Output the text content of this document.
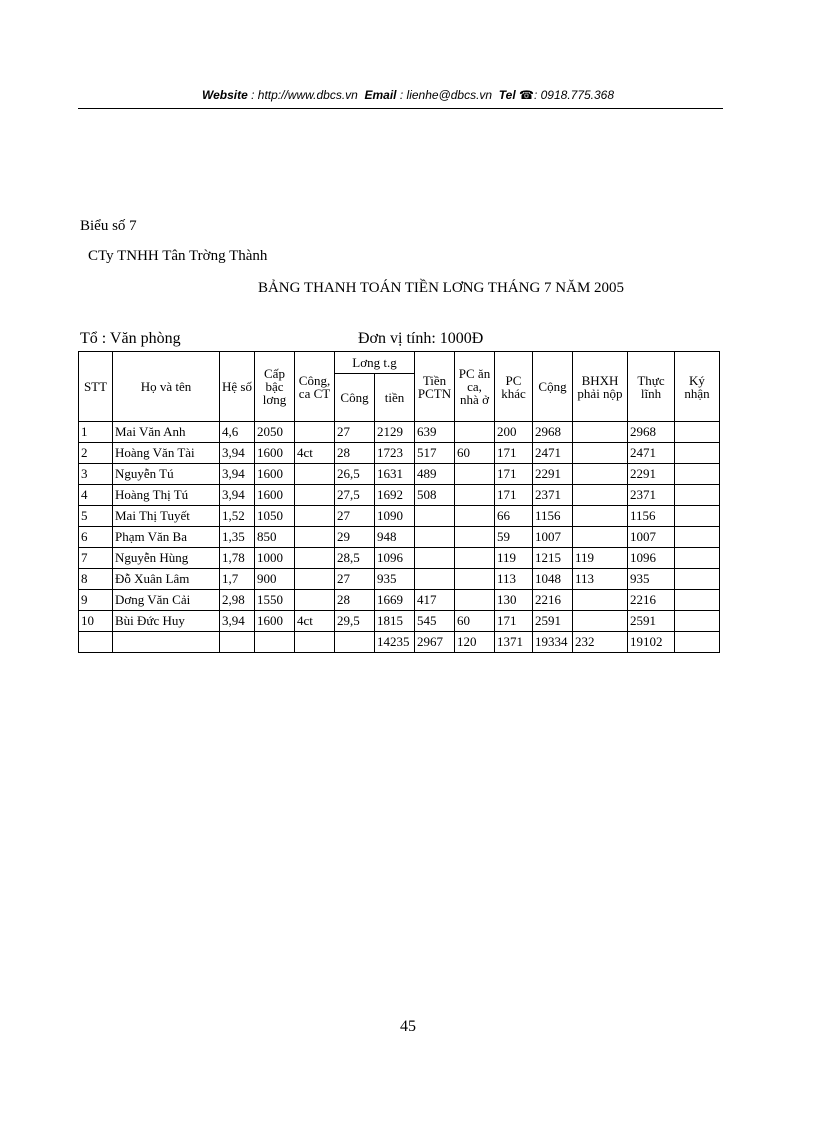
Website : http://www.dbcs.vn Email : lienhe@dbcs.vn Tel ☎: 0918.775.368
Biểu số 7
CTy TNHH Tân Trờng Thành
BẢNG THANH TOÁN TIỀN LƠNG THÁNG 7 NĂM 2005
Tổ : Văn phòng	Đơn vị tính: 1000Đ
STT	Họ và tên	Hệ số	Cấp
bậc
lơng	Công,
ca CT	Lơng t.g		Tiền
PCTN	PC ăn
ca,
nhà ở	PC
khác	Cộng	BHXH
phải nộp	Thực
lĩnh	Ký nhận
					Công	tiền							
1	Mai Văn Anh	4,6	2050		27	2129	639		200	2968		2968	
2	Hoàng Văn Tài	3,94	1600	4ct	28	1723	517	60	171	2471		2471	
3	Nguyễn Tú	3,94	1600		26,5	1631	489		171	2291		2291	
4	Hoàng Thị Tú	3,94	1600		27,5	1692	508		171	2371		2371	
5	Mai Thị Tuyết	1,52	1050		27	1090			66	1156		1156	
6	Phạm Văn Ba	1,35	850		29	948			59	1007		1007	
7	Nguyễn Hùng	1,78	1000		28,5	1096			119	1215	119	1096	
8	Đỗ Xuân Lâm	1,7	900		27	935			113	1048	113	935	
9	Dơng Văn Cải	2,98	1550		28	1669	417		130	2216		2216	
10	Bùi Đức Huy	3,94	1600	4ct	29,5	1815	545	60	171	2591		2591	
						14235	2967	120	1371	19334	232	19102	
45
